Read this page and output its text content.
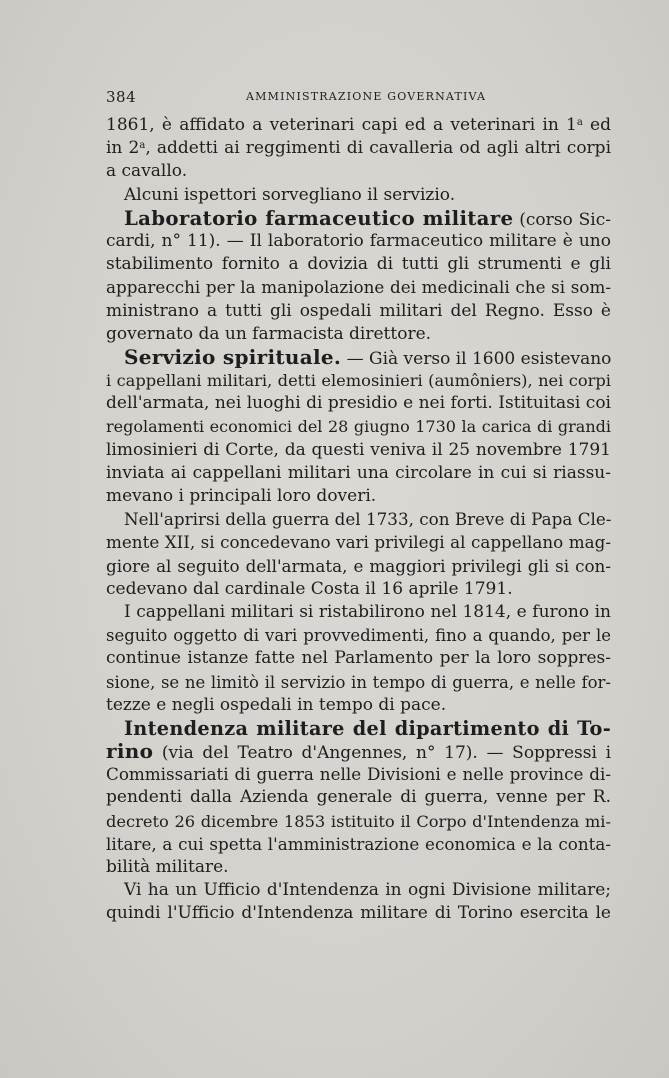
384	AMMINISTRAZIONE GOVERNATIVA
1861, è affidato a veterinari capi ed a veterinari in 1$^a$ ed
in 2$^a$, addetti ai reggimenti di cavalleria od agli altri corpi
a cavallo.
Alcuni ispettori sorvegliano il servizio.
Laboratorio farmaceutico militare (corso Sic-
cardi, n° 11). — Il laboratorio farmaceutico militare è uno
stabilimento fornito a dovizia di tutti gli strumenti e gli
apparecchi per la manipolazione dei medicinali che si som-
ministrano a tutti gli ospedali militari del Regno. Esso è
governato da un farmacista direttore.
Servizio spirituale. — Già verso il 1600 esistevano
i cappellani militari, detti elemosinieri (aumôniers), nei corpi
dell'armata, nei luoghi di presidio e nei forti. Istituitasi coi
regolamenti economici del 28 giugno 1730 la carica di grandi
limosinieri di Corte, da questi veniva il 25 novembre 1791
inviata ai cappellani militari una circolare in cui si riassu-
mevano i principali loro doveri.
Nell'aprirsi della guerra del 1733, con Breve di Papa Cle-
mente XII, si concedevano vari privilegi al cappellano mag-
giore al seguito dell'armata, e maggiori privilegi gli si con-
cedevano dal cardinale Costa il 16 aprile 1791.
I cappellani militari si ristabilirono nel 1814, e furono in
seguito oggetto di vari provvedimenti, fino a quando, per le
continue istanze fatte nel Parlamento per la loro soppres-
sione, se ne limitò il servizio in tempo di guerra, e nelle for-
tezze e negli ospedali in tempo di pace.
Intendenza militare del dipartimento di To-
rino (via del Teatro d'Angennes, n° 17). — Soppressi i
Commissariati di guerra nelle Divisioni e nelle province di-
pendenti dalla Azienda generale di guerra, venne per R.
decreto 26 dicembre 1853 istituito il Corpo d'Intendenza mi-
litare, a cui spetta l'amministrazione economica e la conta-
bilità militare.
Vi ha un Ufficio d'Intendenza in ogni Divisione militare;
quindi l'Ufficio d'Intendenza militare di Torino esercita le
